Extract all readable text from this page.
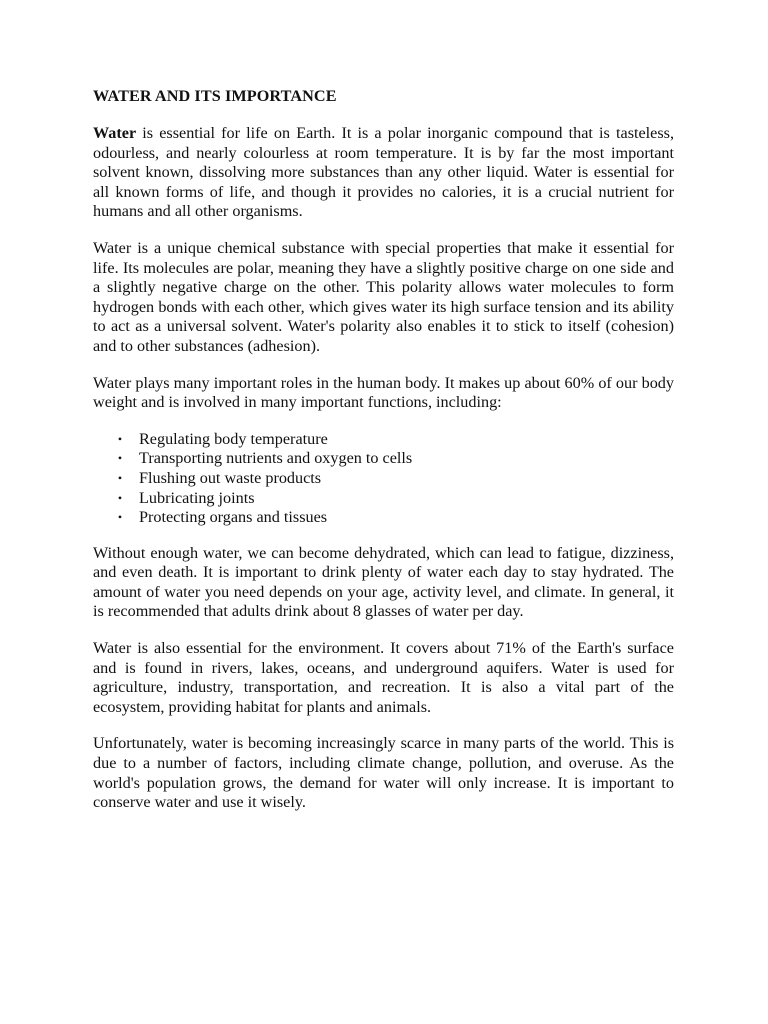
WATER AND ITS IMPORTANCE

Water is essential for life on Earth. It is a polar inorganic compound that is tasteless, odourless, and nearly colourless at room temperature. It is by far the most important solvent known, dissolving more substances than any other liquid. Water is essential for all known forms of life, and though it provides no calories, it is a crucial nutrient for humans and all other organisms.

Water is a unique chemical substance with special properties that make it essential for life. Its molecules are polar, meaning they have a slightly positive charge on one side and a slightly negative charge on the other. This polarity allows water molecules to form hydrogen bonds with each other, which gives water its high surface tension and its ability to act as a universal solvent. Water's polarity also enables it to stick to itself (cohesion) and to other substances (adhesion).

Water plays many important roles in the human body. It makes up about 60% of our body weight and is involved in many important functions, including:

• Regulating body temperature
• Transporting nutrients and oxygen to cells
• Flushing out waste products
• Lubricating joints
• Protecting organs and tissues

Without enough water, we can become dehydrated, which can lead to fatigue, dizziness, and even death. It is important to drink plenty of water each day to stay hydrated. The amount of water you need depends on your age, activity level, and climate. In general, it is recommended that adults drink about 8 glasses of water per day.

Water is also essential for the environment. It covers about 71% of the Earth's surface and is found in rivers, lakes, oceans, and underground aquifers. Water is used for agriculture, industry, transportation, and recreation. It is also a vital part of the ecosystem, providing habitat for plants and animals.

Unfortunately, water is becoming increasingly scarce in many parts of the world. This is due to a number of factors, including climate change, pollution, and overuse. As the world's population grows, the demand for water will only increase. It is important to conserve water and use it wisely.
